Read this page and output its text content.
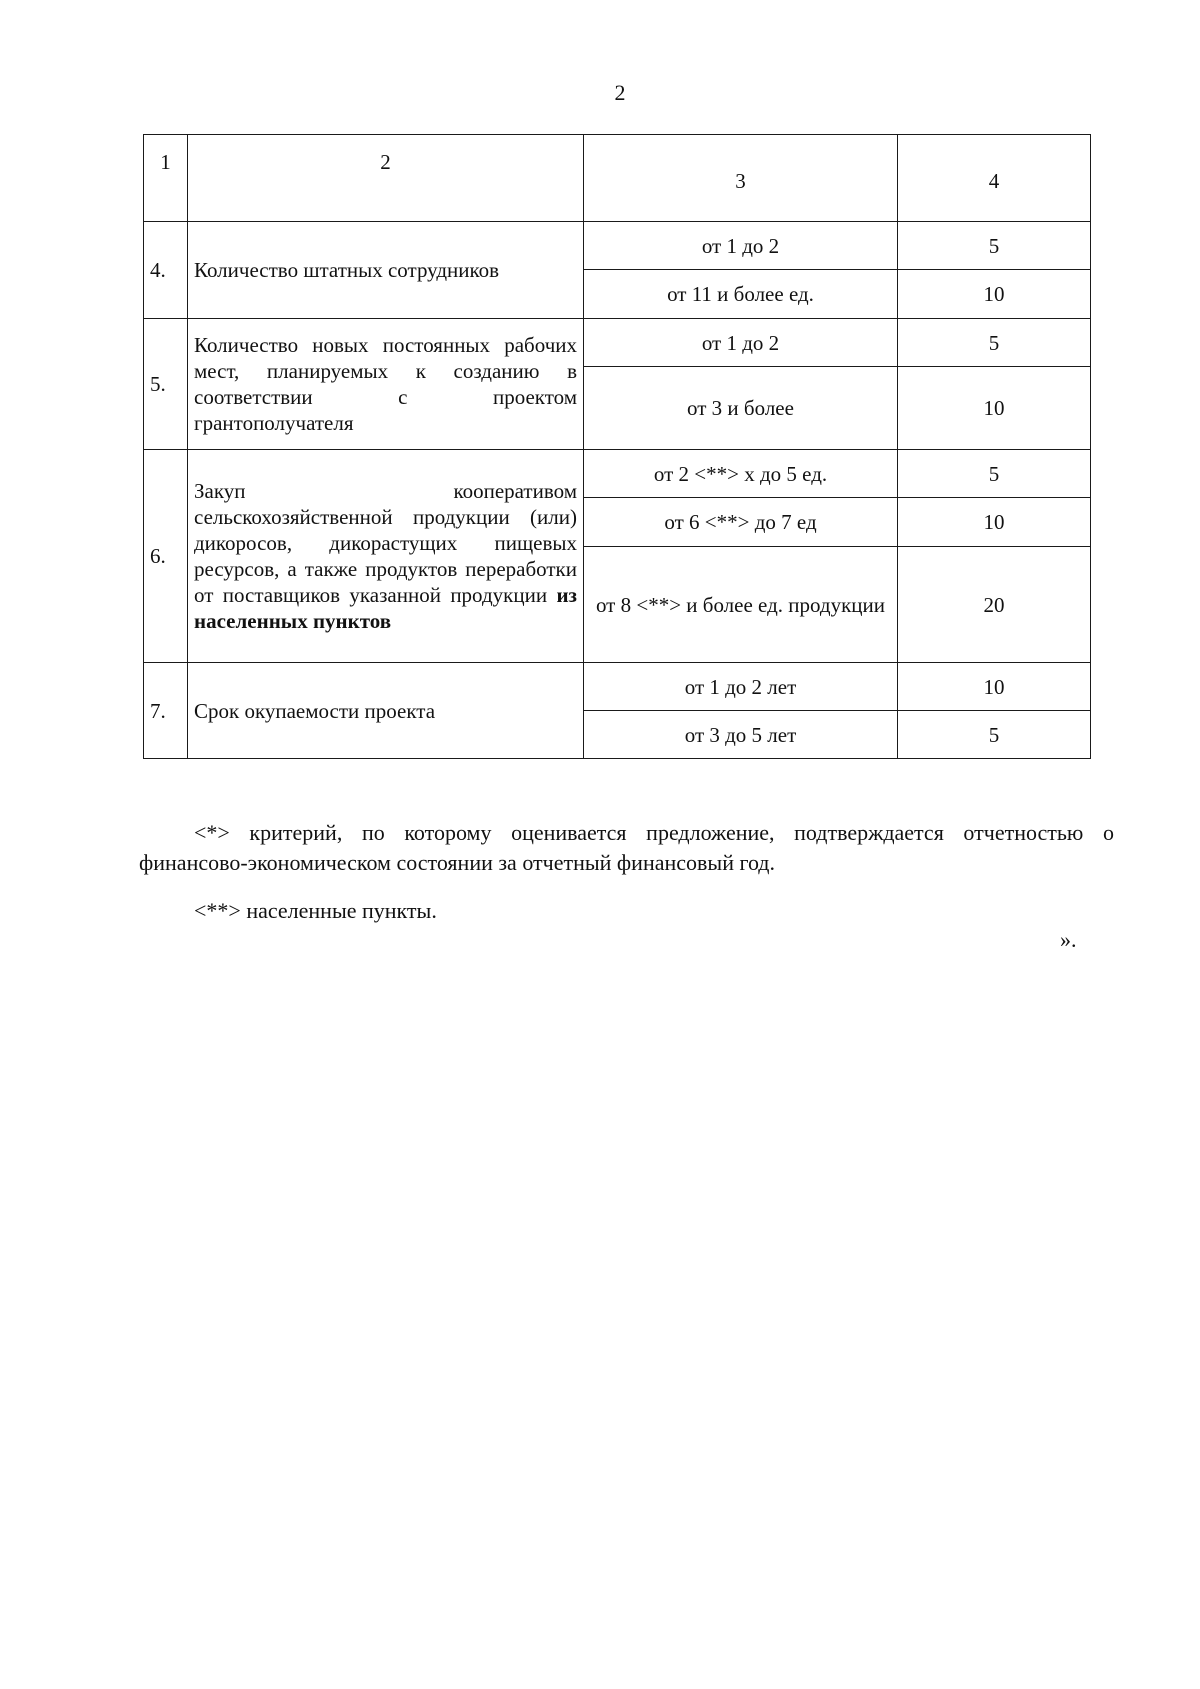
2
1	2	3	4
4.	Количество штатных сотрудников	от 1 до 2	5
		от 11 и более ед.	10
5.	Количество новых постоянных рабочих мест, планируемых к созданию в соответствии с проектом грантополучателя	от 1 до 2	5
		от 3 и более	10
6.	Закуп кооперативом сельскохозяйственной продукции (или) дикоросов, дикорастущих пищевых ресурсов, а также продуктов переработки от поставщиков указанной продукции из населенных пунктов	от 2 <**> х до 5 ед.	5
		от 6 <**> до 7 ед	10
		от 8 <**> и более ед. продукции	20
7.	Срок окупаемости проекта	от 1 до 2 лет	10
		от 3 до 5 лет	5
<*> критерий, по которому оценивается предложение, подтверждается отчетностью о финансово-экономическом состоянии за отчетный финансовый год.
<**> населенные пункты.
».
